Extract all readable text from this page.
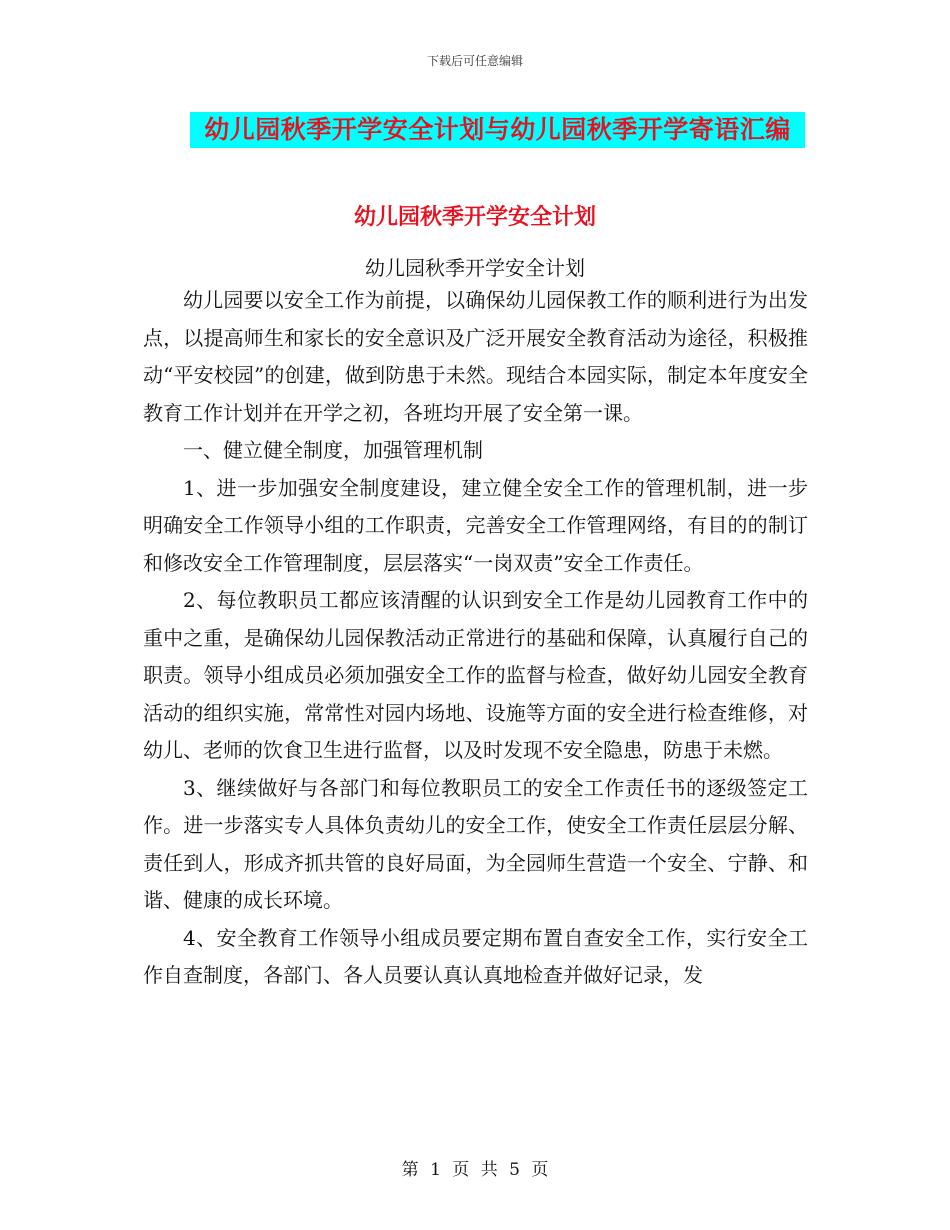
下载后可任意编辑
幼儿园秋季开学安全计划与幼儿园秋季开学寄语汇编
幼儿园秋季开学安全计划
幼儿园秋季开学安全计划

幼儿园要以安全工作为前提，以确保幼儿园保教工作的顺利进行为出发点，以提高师生和家长的安全意识及广泛开展安全教育活动为途径，积极推动“平安校园”的创建，做到防患于未然。现结合本园实际，制定本年度安全教育工作计划并在开学之初，各班均开展了安全第一课。

一、健立健全制度，加强管理机制

1、进一步加强安全制度建设，建立健全安全工作的管理机制，进一步明确安全工作领导小组的工作职责，完善安全工作管理网络，有目的的制订和修改安全工作管理制度，层层落实“一岗双责”安全工作责任。

2、每位教职员工都应该清醒的认识到安全工作是幼儿园教育工作中的重中之重，是确保幼儿园保教活动正常进行的基础和保障，认真履行自己的职责。领导小组成员必须加强安全工作的监督与检查，做好幼儿园安全教育活动的组织实施，常常性对园内场地、设施等方面的安全进行检查维修，对幼儿、老师的饮食卫生进行监督，以及时发现不安全隐患，防患于未燃。

3、继续做好与各部门和每位教职员工的安全工作责任书的逐级签定工作。进一步落实专人具体负责幼儿的安全工作，使安全工作责任层层分解、责任到人，形成齐抓共管的良好局面，为全园师生营造一个安全、宁静、和谐、健康的成长环境。

4、安全教育工作领导小组成员要定期布置自查安全工作，实行安全工作自查制度，各部门、各人员要认真认真地检查并做好记录，发

第 1 页 共 5 页
